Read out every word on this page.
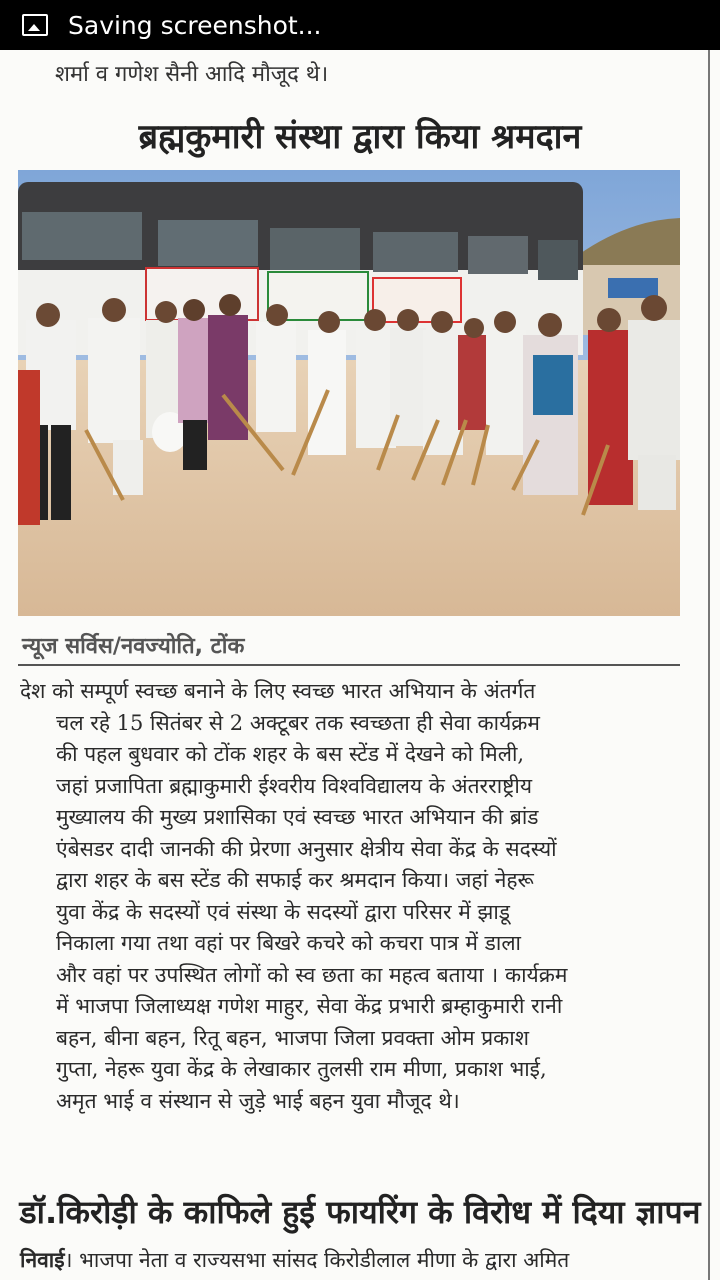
Saving screenshot...
शर्मा व गणेश सैनी आदि मौजूद थे।
ब्रह्मकुमारी संस्था द्वारा किया श्रमदान
न्यूज सर्विस/नवज्योति, टोंक
देश को सम्पूर्ण स्वच्छ बनाने के लिए स्वच्छ भारत अभियान के अंतर्गत
चल रहे 15 सितंबर से 2 अक्टूबर तक स्वच्छता ही सेवा कार्यक्रम
की पहल बुधवार को टोंक शहर के बस स्टेंड में देखने को मिली,
जहां प्रजापिता ब्रह्माकुमारी ईश्वरीय विश्वविद्यालय के अंतरराष्ट्रीय
मुख्यालय की मुख्य प्रशासिका एवं स्वच्छ भारत अभियान की ब्रांड
एंबेसडर दादी जानकी की प्रेरणा अनुसार क्षेत्रीय सेवा केंद्र के सदस्यों
द्वारा शहर के बस स्टेंड की सफाई कर श्रमदान किया। जहां नेहरू
युवा केंद्र के सदस्यों एवं संस्था के सदस्यों द्वारा परिसर में झाडू
निकाला गया तथा वहां पर बिखरे कचरे को कचरा पात्र में डाला
और वहां पर उपस्थित लोगों को स्व छता का महत्व बताया । कार्यक्रम
में भाजपा जिलाध्यक्ष गणेश माहुर, सेवा केंद्र प्रभारी ब्रम्हाकुमारी रानी
बहन, बीना बहन, रितू बहन, भाजपा जिला प्रवक्ता ओम प्रकाश
गुप्ता, नेहरू युवा केंद्र के लेखाकार तुलसी राम मीणा, प्रकाश भाई,
अमृत भाई व संस्थान से जुड़े भाई बहन युवा मौजूद थे।
डॉ.किरोड़ी के काफिले हुई फायरिंग के विरोध में दिया ज्ञापन
निवाई। भाजपा नेता व राज्यसभा सांसद किरोडीलाल मीणा के द्वारा अमित
